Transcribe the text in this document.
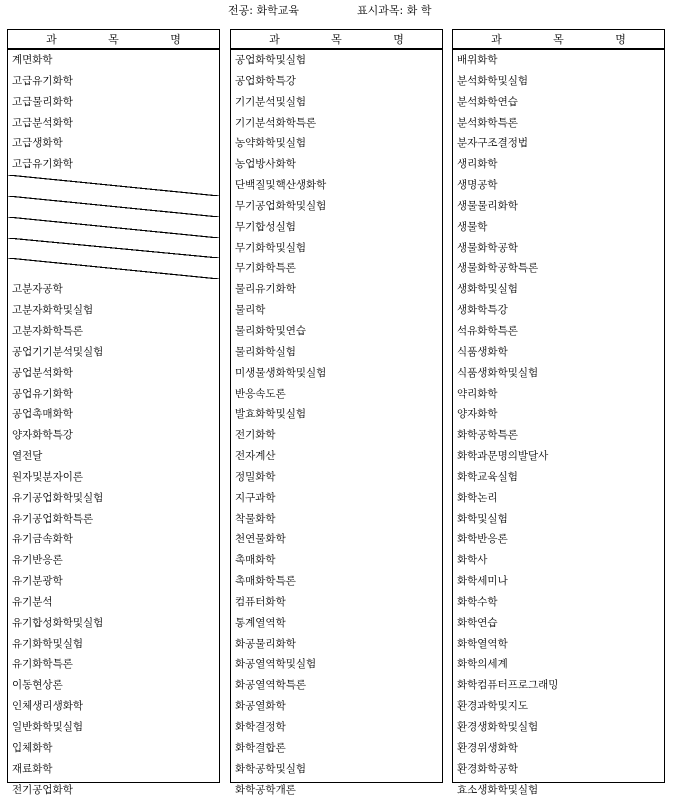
전공: 화학교육	표시과목: 화 학
과 목 명
계면화학
고급유기화학
고급물리화학
고급분석화학
고급생화학
고급유기화학
고분자공학
고분자화학및실험
고분자화학특론
공업기기분석및실험
공업분석화학
공업유기화학
공업촉매화학
양자화학특강
열전달
원자및분자이론
유기공업화학및실험
유기공업화학특론
유기금속화학
유기반응론
유기분광학
유기분석
유기합성화학및실험
유기화학및실험
유기화학특론
이동현상론
인체생리생화학
일반화학및실험
입체화학
재료화학
전기공업화학
과 목 명
공업화학및실험
공업화학특강
기기분석및실험
기기분석화학특론
농약화학및실험
농업방사화학
단백질및핵산생화학
무기공업화학및실험
무기합성실험
무기화학및실험
무기화학특론
물리유기화학
물리학
물리화학및연습
물리화학실험
미생물생화학및실험
반응속도론
발효화학및실험
전기화학
전자계산
정밀화학
지구과학
착물화학
천연물화학
촉매화학
촉매화학특론
컴퓨터화학
통계열역학
화공물리화학
화공열역학및실험
화공열역학특론
화공열화학
화학결정학
화학결합론
화학공학및실험
화학공학개론
과 목 명
배위화학
분석화학및실험
분석화학연습
분석화학특론
분자구조결정법
생리화학
생명공학
생물물리화학
생물학
생물화학공학
생물화학공학특론
생화학및실험
생화학특강
석유화학특론
식품생화학
식품생화학및실험
약리화학
양자화학
화학공학특론
화학과문명의발달사
화학교육실험
화학논리
화학및실험
화학반응론
화학사
화학세미나
화학수학
화학연습
화학열역학
화학의세계
화학컴퓨터프로그래밍
환경과학및지도
환경생화학및실험
환경위생화학
환경화학공학
효소생화학및실험
